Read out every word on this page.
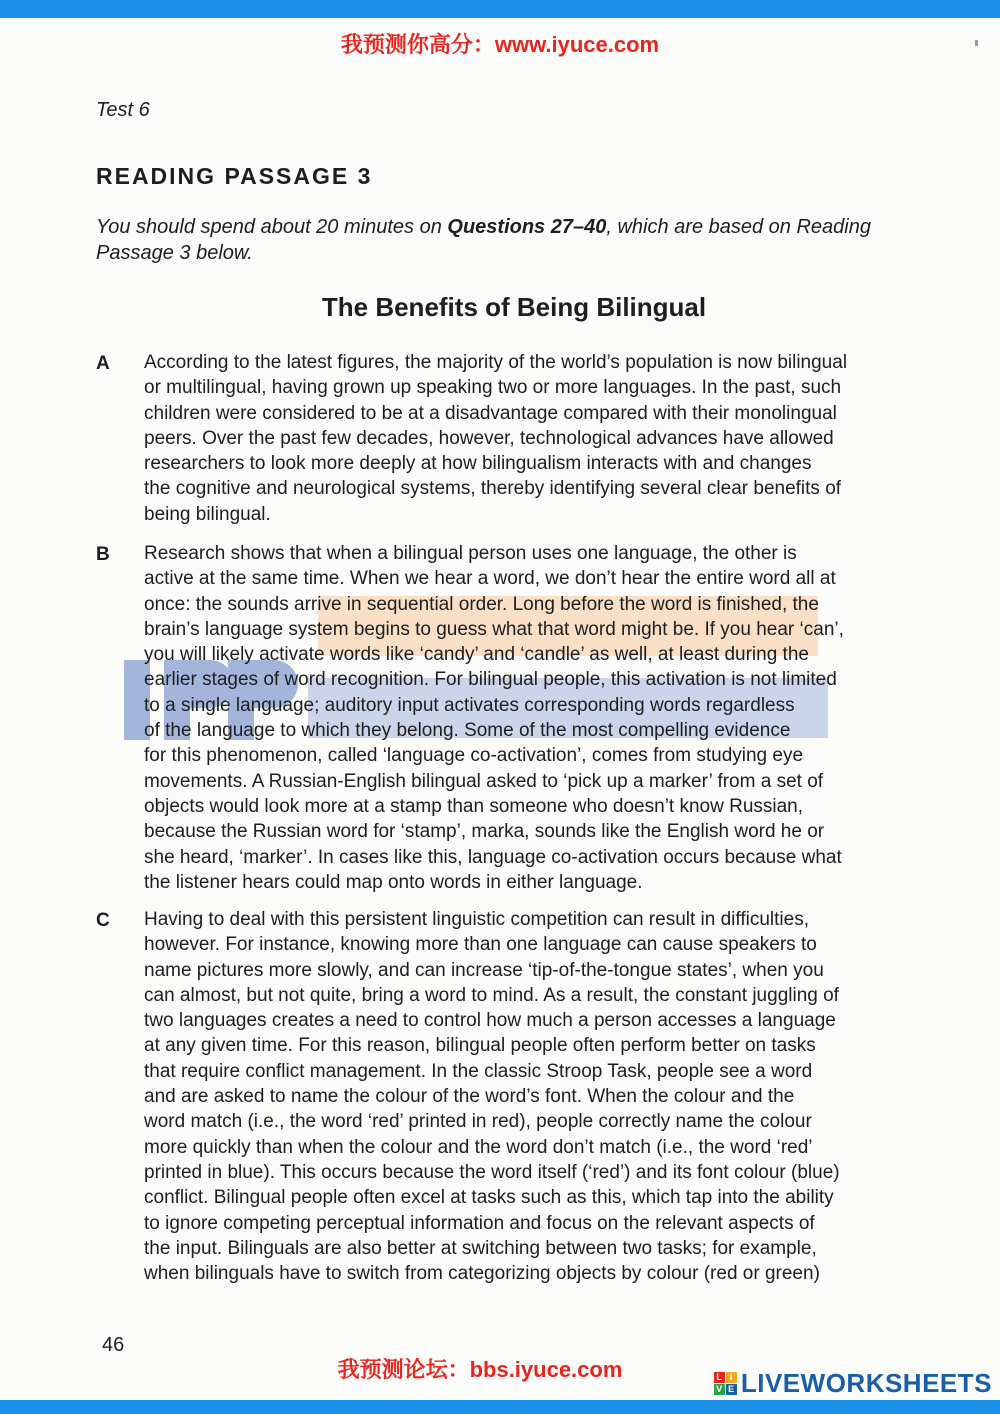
我预测你高分：www.iyuce.com
Test 6
READING PASSAGE 3
You should spend about 20 minutes on Questions 27–40, which are based on Reading
Passage 3 below.
The Benefits of Being Bilingual
A According to the latest figures, the majority of the world’s population is now bilingual
or multilingual, having grown up speaking two or more languages. In the past, such
children were considered to be at a disadvantage compared with their monolingual
peers. Over the past few decades, however, technological advances have allowed
researchers to look more deeply at how bilingualism interacts with and changes
the cognitive and neurological systems, thereby identifying several clear benefits of
being bilingual.
B Research shows that when a bilingual person uses one language, the other is
active at the same time. When we hear a word, we don’t hear the entire word all at
once: the sounds arrive in sequential order. Long before the word is finished, the
brain’s language system begins to guess what that word might be. If you hear ‘can’,
you will likely activate words like ‘candy’ and ‘candle’ as well, at least during the
earlier stages of word recognition. For bilingual people, this activation is not limited
to a single language; auditory input activates corresponding words regardless
of the language to which they belong. Some of the most compelling evidence
for this phenomenon, called ‘language co-activation’, comes from studying eye
movements. A Russian-English bilingual asked to ‘pick up a marker’ from a set of
objects would look more at a stamp than someone who doesn’t know Russian,
because the Russian word for ‘stamp’, marka, sounds like the English word he or
she heard, ‘marker’. In cases like this, language co-activation occurs because what
the listener hears could map onto words in either language.
C Having to deal with this persistent linguistic competition can result in difficulties,
however. For instance, knowing more than one language can cause speakers to
name pictures more slowly, and can increase ‘tip-of-the-tongue states’, when you
can almost, but not quite, bring a word to mind. As a result, the constant juggling of
two languages creates a need to control how much a person accesses a language
at any given time. For this reason, bilingual people often perform better on tasks
that require conflict management. In the classic Stroop Task, people see a word
and are asked to name the colour of the word’s font. When the colour and the
word match (i.e., the word ‘red’ printed in red), people correctly name the colour
more quickly than when the colour and the word don’t match (i.e., the word ‘red’
printed in blue). This occurs because the word itself (‘red’) and its font colour (blue)
conflict. Bilingual people often excel at tasks such as this, which tap into the ability
to ignore competing perceptual information and focus on the relevant aspects of
the input. Bilinguals are also better at switching between two tasks; for example,
when bilinguals have to switch from categorizing objects by colour (red or green)
46
我预测论坛：bbs.iyuce.com	L I
V E LIVEWORKSHEETS
